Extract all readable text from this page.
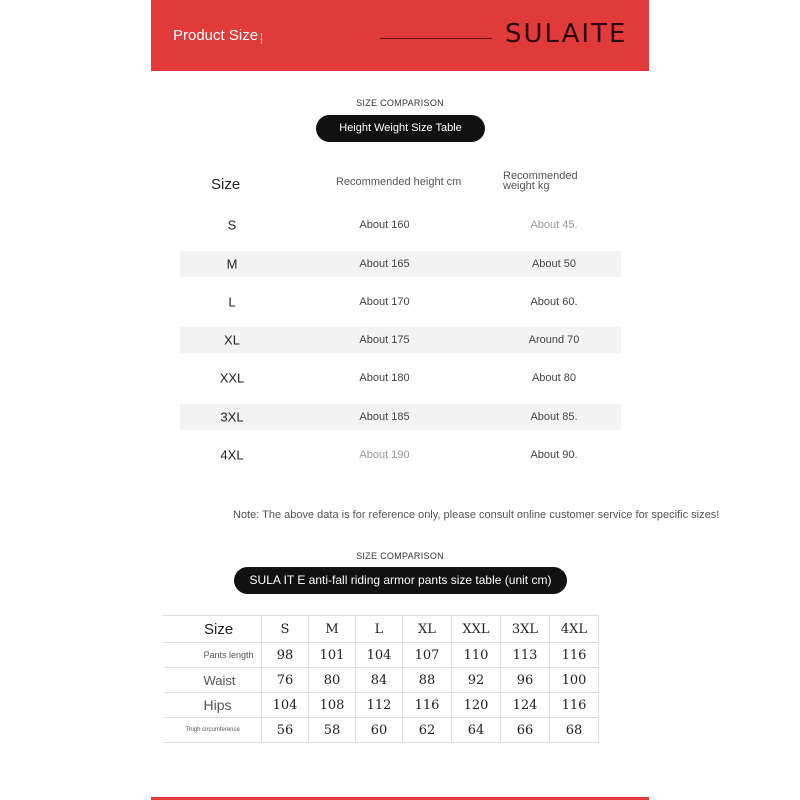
Product Size	SULAITE
SIZE COMPARISON
Height Weight Size Table
Size	Recommended height cm	Recommended weight kg
S	About 160	About 45.
M	About 165	About 50
L	About 170	About 60.
XL	About 175	Around 70
XXL	About 180	About 80
3XL	About 185	About 85.
4XL	About 190	About 90.
Note: The above data is for reference only, please consult online customer service for specific sizes!
SIZE COMPARISON
SULA IT E anti-fall riding armor pants size table (unit cm)
Size	S	M	L	XL	XXL	3XL	4XL
Pants length	98	101	104	107	110	113	116
Waist	76	80	84	88	92	96	100
Hips	104	108	112	116	120	124	116
Thigh circumference	56	58	60	62	64	66	68
